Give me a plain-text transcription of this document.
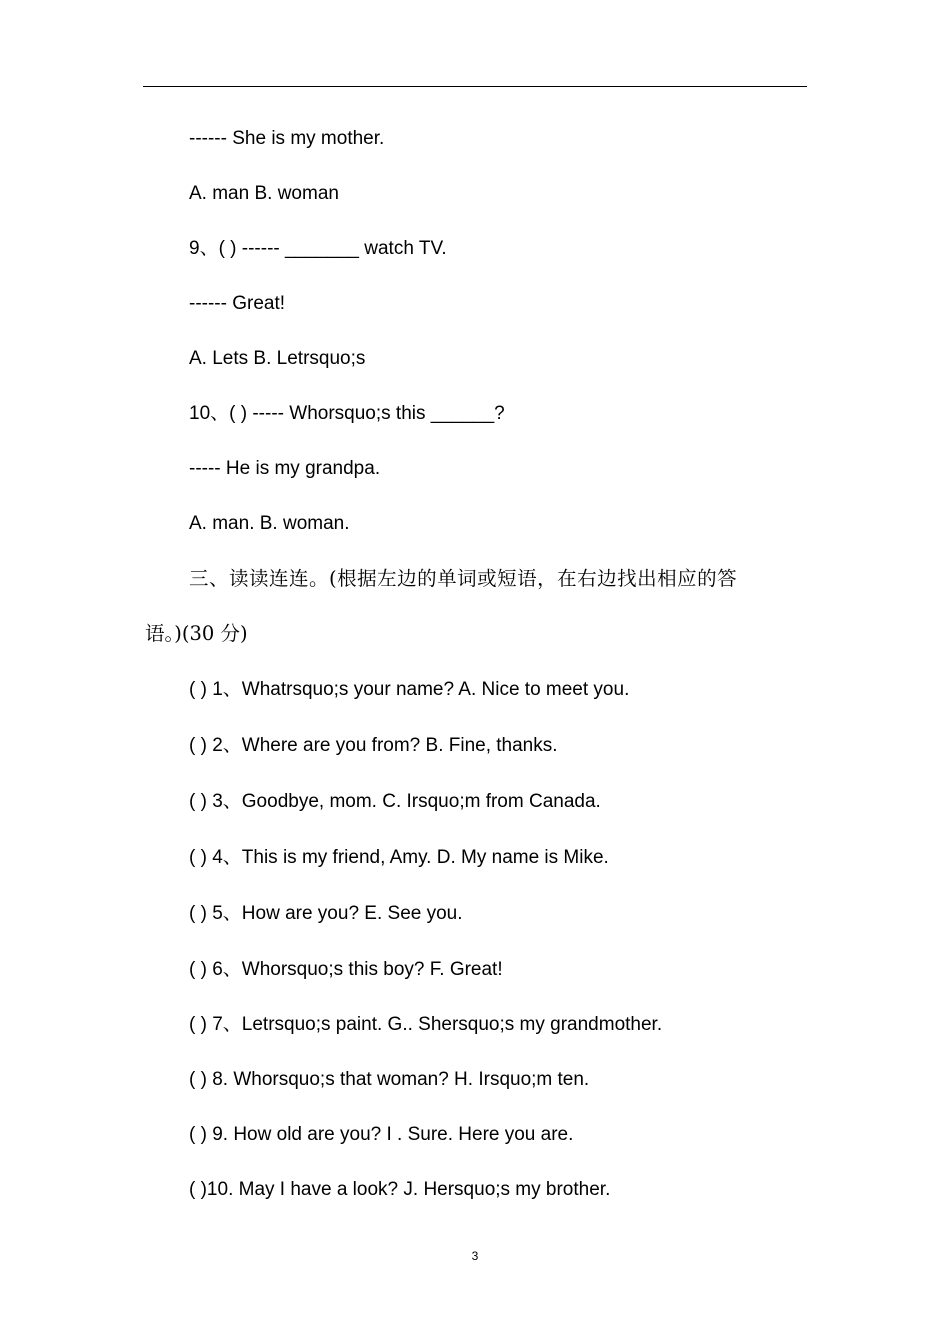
------ She is my mother.
A. man B. woman
9、( ) ------ _______ watch TV.
------ Great!
A. Lets B. Letrsquo;s
10、( ) ----- Whorsquo;s this ______?
----- He is my grandpa.
A. man. B. woman.
三、读读连连。(根据左边的单词或短语，在右边找出相应的答
语。)(30 分)
( ) 1、Whatrsquo;s your name? A. Nice to meet you.
( ) 2、Where are you from? B. Fine, thanks.
( ) 3、Goodbye, mom. C. Irsquo;m from Canada.
( ) 4、This is my friend, Amy. D. My name is Mike.
( ) 5、How are you? E. See you.
( ) 6、Whorsquo;s this boy? F. Great!
( ) 7、Letrsquo;s paint. G.. Shersquo;s my grandmother.
( ) 8. Whorsquo;s that woman? H. Irsquo;m ten.
( ) 9. How old are you? I . Sure. Here you are.
( )10. May I have a look? J. Hersquo;s my brother.
3
